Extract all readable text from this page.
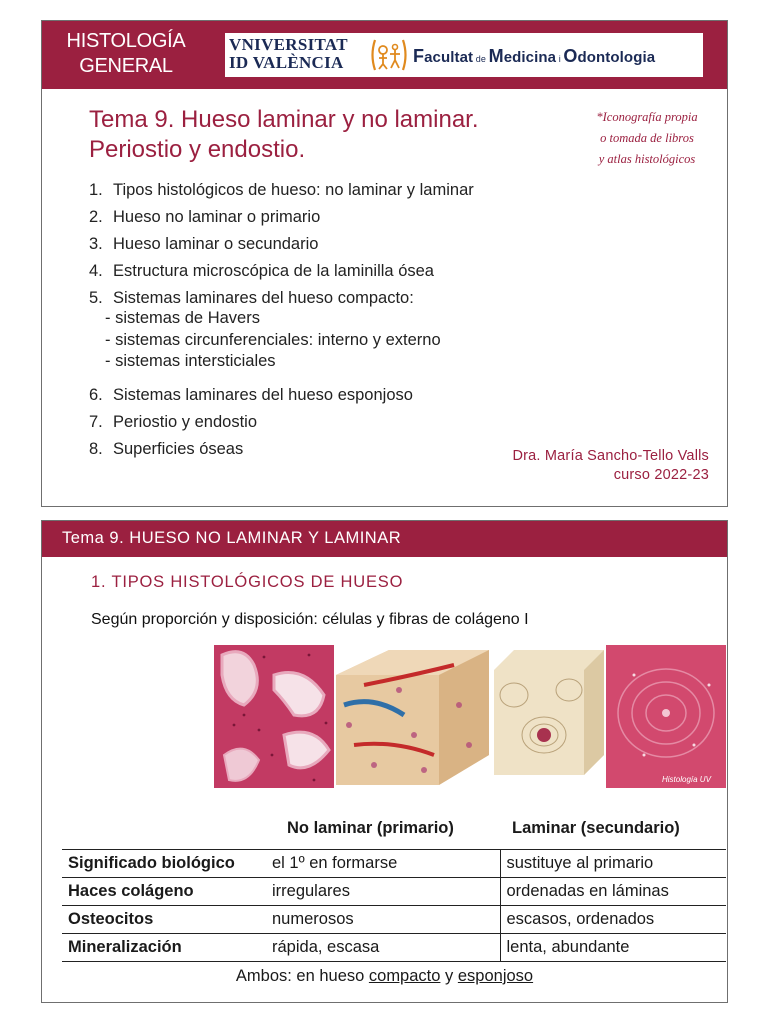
HISTOLOGÍA
GENERAL
VNIVERSITAT
ID VALÈNCIA	Facultat de Medicina i Odontologia
Tema 9. Hueso laminar y no laminar.
Periostio y endostio.
*Iconografía propia
o tomada de libros
y atlas histológicos
1. Tipos histológicos de hueso: no laminar y laminar
2. Hueso no laminar o primario
3. Hueso laminar o secundario
4. Estructura microscópica de la laminilla ósea
5. Sistemas laminares del hueso compacto:
- sistemas de Havers
- sistemas circunferenciales: interno y externo
- sistemas intersticiales
6. Sistemas laminares del hueso esponjoso
7. Periostio y endostio
8. Superficies óseas	Dra. María Sancho-Tello Valls
curso 2022-23
Tema 9. HUESO NO LAMINAR Y LAMINAR
1. TIPOS HISTOLÓGICOS DE HUESO
Según proporción y disposición: células y fibras de colágeno I
Histología UV
	No laminar (primario)	Laminar (secundario)
Significado biológico	el 1º en formarse	sustituye al primario
Haces colágeno	irregulares	ordenadas en láminas
Osteocitos	numerosos	escasos, ordenados
Mineralización	rápida, escasa	lenta, abundante
Ambos: en hueso compacto y esponjoso
